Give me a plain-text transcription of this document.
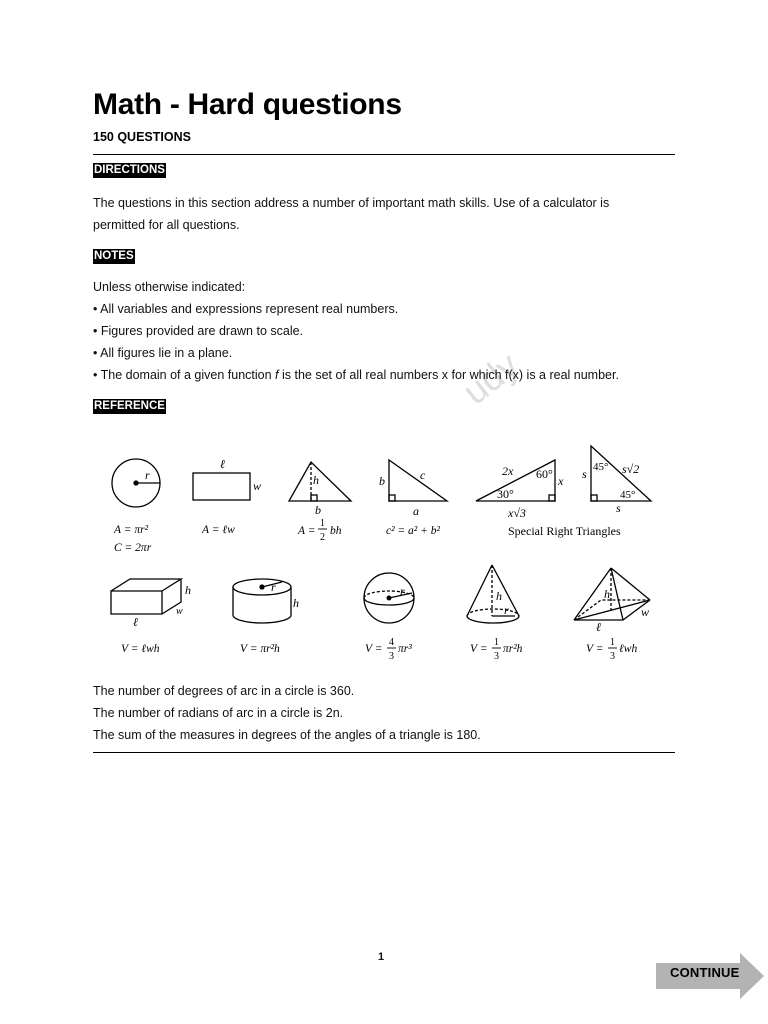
udy
Math - Hard questions
150 QUESTIONS
DIRECTIONS

The questions in this section address a number of important math skills. Use of a calculator is

permitted for all questions.

NOTES

Unless otherwise indicated:

• All variables and expressions represent real numbers.

• Figures provided are drawn to scale.

• All figures lie in a plane.

• The domain of a given function f is the set of all real numbers x for which f(x) is a real number.

REFERENCE

The number of degrees of arc in a circle is 360.

The number of radians of arc in a circle is 2n.

The sum of the measures in degrees of the angles of a triangle is 180.

r
A = πr²
C = 2πr
ℓ
w
A = ℓw
h
b
A =
1
2
bh
b	c
a
c² = a² + b²
2x 60°
30°
x
x√3
s 45° s√2
45°
s
Special Right Triangles
h
w
ℓ
V = ℓwh
r
h
V = πr²h
r
V =
4
3
πr³
h
r
V =
1
3
πr²h
h
w
ℓ
V =
1
3
ℓwh
1
CONTINUE
